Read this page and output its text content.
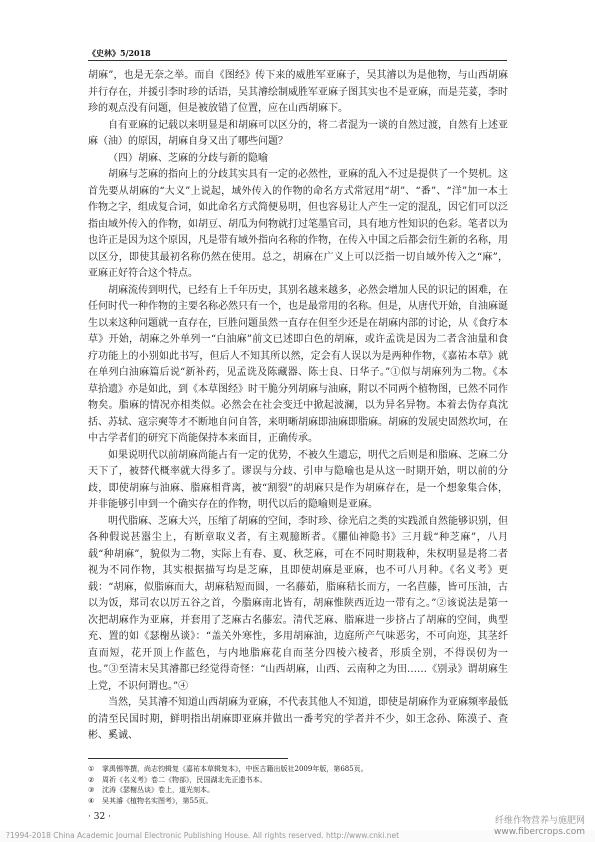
《史林》5/2018

胡麻”，也是无奈之举。而自《图经》传下来的威胜军亚麻子，吴其濬以为是他物，与山西胡麻并行存在，并援引李时珍的话语，吴其濬绘制威胜军亚麻子图其实也不是亚麻，而是芫荽，李时珍的观点没有问题，但是被放错了位置，应在山西胡麻下。

自有亚麻的记载以来明显是和胡麻可以区分的，将二者混为一谈的自然过渡，自然有上述亚麻（油）的原因，胡麻自身又出了哪些问题？

（四）胡麻、芝麻的分歧与新的隐喻

胡麻与芝麻的指向上的分歧其实具有一定的必然性，亚麻的乱入不过是提供了一个契机。这首先要从胡麻的“大义”上说起，域外传入的作物的命名方式常冠用“胡”、“番”、“洋”加一本土作物之字，组成复合词，如此命名方式简便易明，但也容易让人产生一定的混乱，因它们可以泛指由域外传入的作物，如胡豆、胡瓜为何物就打过笔墨官司，具有地方性知识的色彩。笔者以为也许正是因为这个原因，凡是带有域外指向名称的作物，在传入中国之后都会衍生新的名称，用以区分，即使其最初名称仍然在使用。总之，胡麻在广义上可以泛指一切自域外传入之“麻”，亚麻正好符合这个特点。

胡麻流传到明代，已经有上千年历史，其别名越来越多，必然会增加人民的识记的困难，在任何时代一种作物的主要名称必然只有一个，也是最常用的名称。但是，从唐代开始，自油麻诞生以来这种问题就一直存在，巨胜问题虽然一直存在但至少还是在胡麻内部的讨论，从《食疗本草》开始，胡麻之外单列一“白油麻”前文已述即白色的胡麻，或许孟诜是因为二者含油量和食疗功能上的小别如此书写，但后人不知其所以然，定会有人误以为是两种作物，《嘉祐本草》就在单列白油麻篇后说“新补药，见孟诜及陈藏器、陈士良、日华子。”①似与胡麻列为二物。《本草拾遗》亦是如此，到《本草图经》时干脆分列胡麻与油麻，附以不同两个植物图，已然不同作物矣。脂麻的情况亦相类似。必然会在社会变迁中掀起波澜，以为异名异物。本着去伪存真沈括、苏轼、寇宗奭等才不断地自问自答，来明晰胡麻即油麻即脂麻。胡麻的发展史固然坎坷，在中古学者们的研究下尚能保持本来面目，正确传承。

如果说明代以前胡麻尚能占有一定的优势，不被久生遗忘，明代之后则是和脂麻、芝麻二分天下了，被替代概率就大得多了。谬误与分歧、引申与隐喻也是从这一时期开始，明以前的分歧，即使胡麻与油麻、脂麻相背离，被“割裂”的胡麻只是作为胡麻存在，是一个想象集合体，并非能够引申到一个确实存在的作物，明代以后的隐喻则是亚麻。

明代脂麻、芝麻大兴，压缩了胡麻的空间，李时珍、徐光启之类的实践派自然能够识别，但各种假说甚嚣尘上，有断章取义者，有主观臆断者。《臞仙神隐书》三月载“种芝麻”，八月载“种胡麻”，貌似为二物，实际上有春、夏、秋芝麻，可在不同时期栽种，朱权明显是将二者视为不同作物，其实根据描写均是芝麻，且即使胡麻是亚麻，也不可八月种。《名义考》更载：“胡麻，似脂麻而大，胡麻秸短而圆，一名藤茹，脂麻秸长而方，一名苣藤，皆可压油，古以为饭，郑司农以厉五谷之首，今脂麻南北皆有，胡麻惟陕西近边一带有之。”②该说法是第一次把胡麻作为亚麻，并套用了芝麻古名藤宏。清代芝麻、脂麻进一步挤占了胡麻的空间，典型充、置的如《瑟榭丛谈》：“盖关外寒性，多用胡麻油，边庭所产气味恶劣，不可向迩，其茎纤直而短，花开顶上作蓝色，与内地脂麻花自而茎分四棱六棱者，形质全别，不得误仞为一也。”③至清末吴其濬都已经觉得奇怪：“山西胡麻，山西、云南种之为田……《别录》谓胡麻生上党，不识何谓也。”④

当然，吴其濬不知道山西胡麻为亚麻，不代表其他人不知道，即使是胡麻作为亚麻频率最低的清至民国时期，鲜明指出胡麻即亚麻并做出一番考究的学者并不少，如王念孙、陈漠子、查彬、奚诚、

①	掌禹锡等撰，尚志钧辑复《嘉祐本草辑复本》，中医古籍出版社2009年版，第685页。
②	周祈《名义考》卷二《物部》，民国湖北先正遗书本。
③	沈涛《瑟榭丛谈》卷上，道光刻本。
④	吴其濬《植物名实图考》，第55页。
· 32 ·
?1994-2018 China Academic Journal Electronic Publishing House. All rights reserved. http://www.cnki.net
纤维作物营养与施肥网
www.fibercrops.com
